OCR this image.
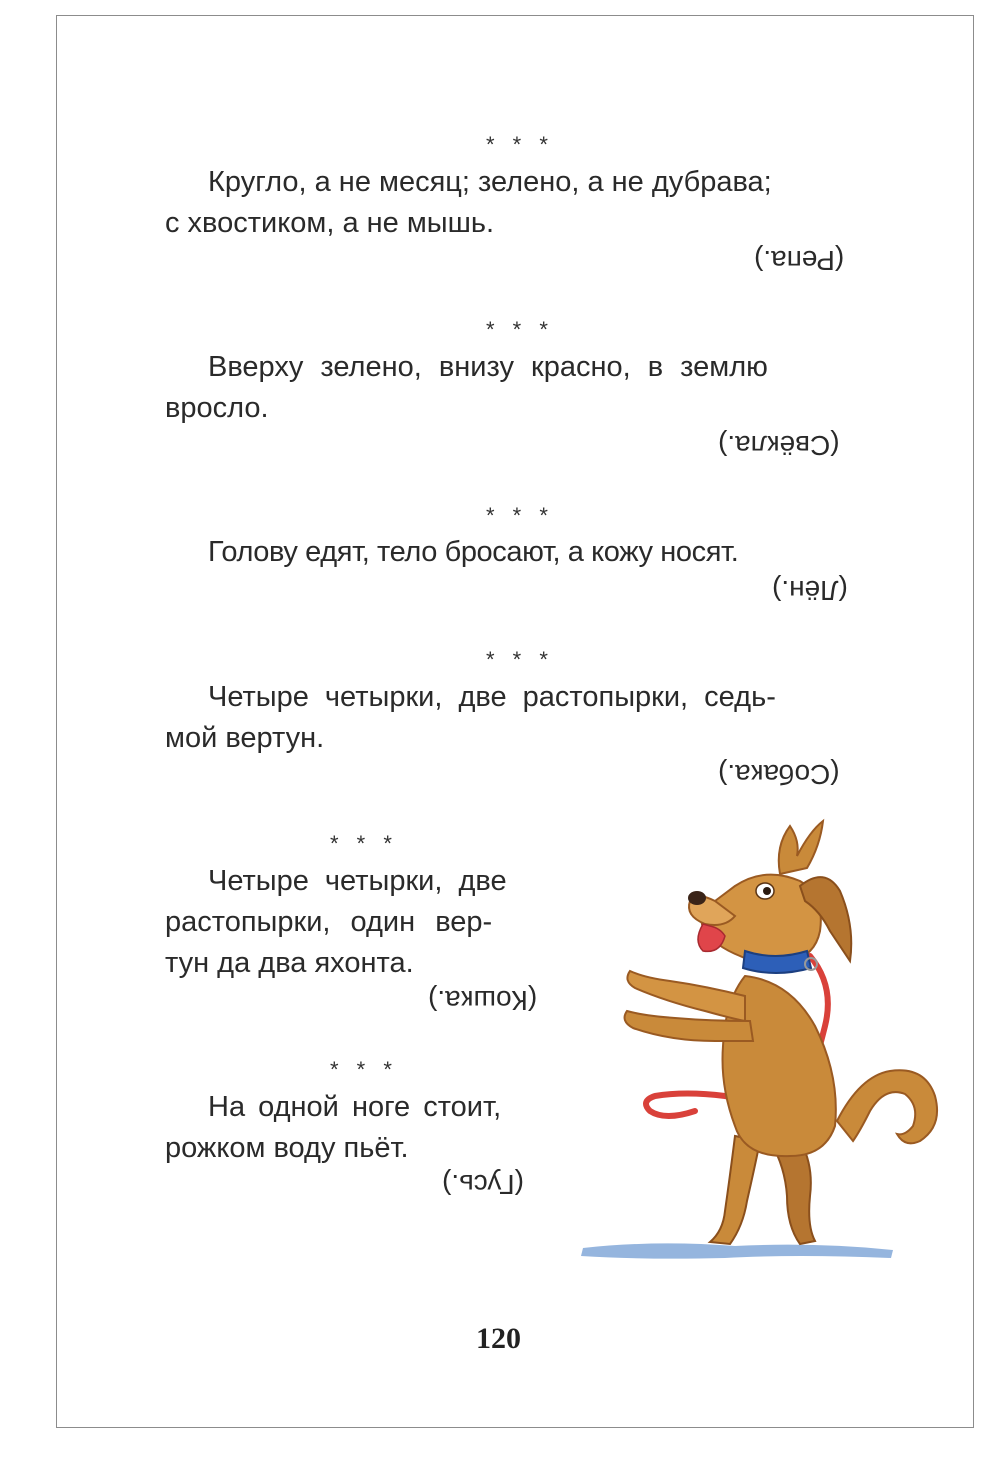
* * *
Кругло, а не месяц; зелено, а не дубрава;
с хвостиком, а не мышь.
(Репа.)
* * *
Вверху зелено, внизу красно, в землю
вросло.
(Свёкла.)
* * *
Голову едят, тело бросают, а кожу носят.
(Лён.)
* * *
Четыре четырки, две растопырки, седь-
мой вертун.
(Собака.)
* * *
Четыре четырки, две
растопырки, один вер-
тун да два яхонта.
(Кошка.)
* * *
На одной ноге стоит,
рожком воду пьёт.
(Гусь.)
120
